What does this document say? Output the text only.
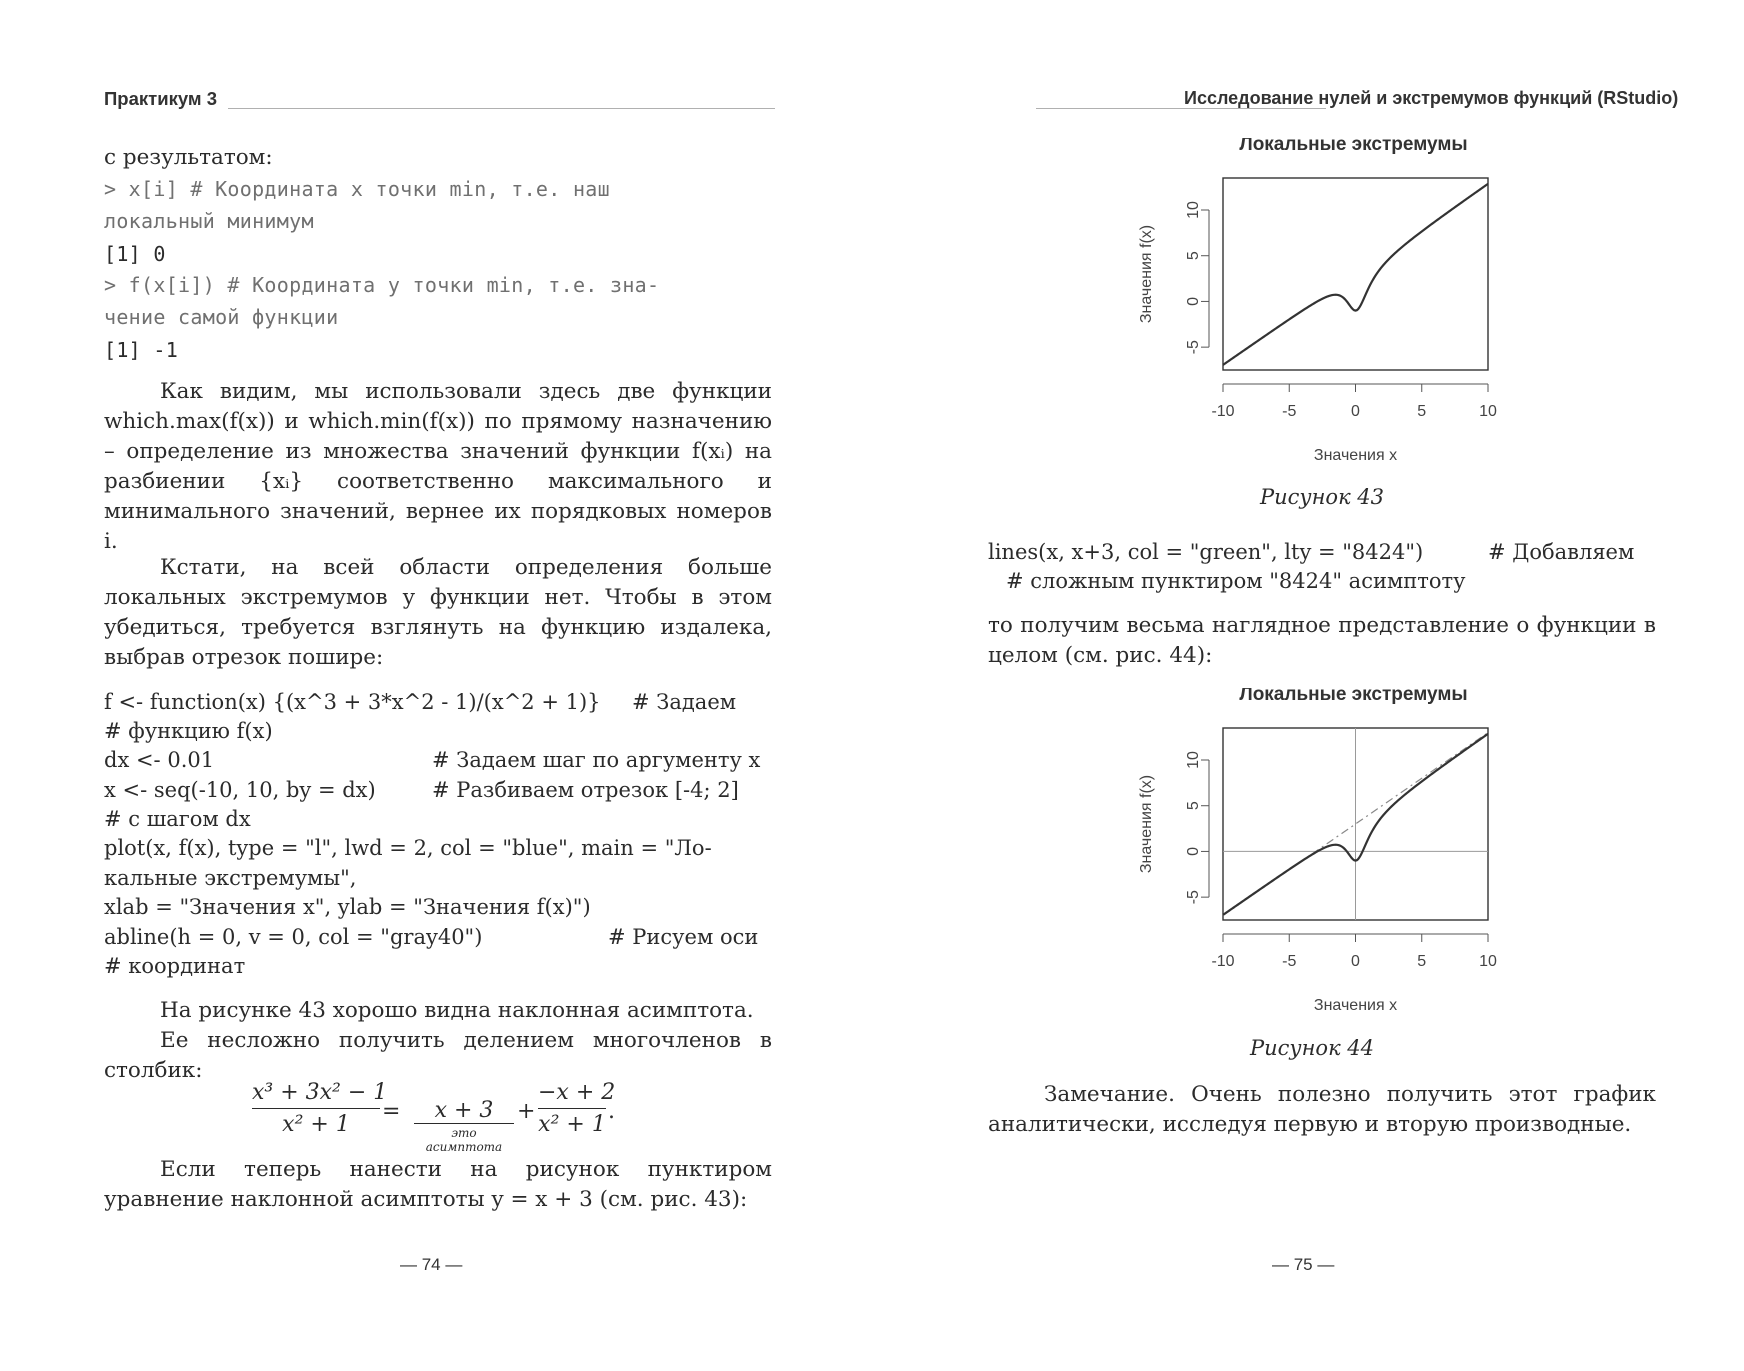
Практикум 3
с результатом:
> x[i] # Координата x точки min, т.е. наш
локальный минимум
[1] 0
> f(x[i]) # Координата y точки min, т.е. зна-
чение самой функции
[1] -1
Как видим, мы использовали здесь две функции which.max(f(x)) и which.min(f(x)) по прямому назначению – определение из множества значений функции f(xᵢ) на разбиении {xᵢ} соответственно максимального и минимального значений, вернее их порядковых номеров i.
Кстати, на всей области определения больше локальных экстремумов у функции нет. Чтобы в этом убедиться, требуется взглянуть на функцию издалека, выбрав отрезок пошире:
f <- function(x) {(x^3 + 3*x^2 - 1)/(x^2 + 1)} # Задаем
# функцию f(x)
dx <- 0.01	# Задаем шаг по аргументу x
x <- seq(-10, 10, by = dx)	# Разбиваем отрезок [-4; 2]
# с шагом dx
plot(x, f(x), type = "l", lwd = 2, col = "blue", main = "Ло-
кальные экстремумы",
xlab = "Значения x", ylab = "Значения f(x)")
abline(h = 0, v = 0, col = "gray40")	# Рисуем оси
# координат
На рисунке 43 хорошо видна наклонная асимптота.
Ее несложно получить делением многочленов в столбик:
x³ + 3x² − 1
x² + 1
=	x + 3
это асимптота
+
−x + 2
x² + 1
.
Если теперь нанести на рисунок пунктиром уравнение наклонной асимптоты y = x + 3 (см. рис. 43):
— 74 —
Исследование нулей и экстремумов функций (RStudio)
Локальные экстремумы
-10	-5	0	5	10
-5
0
5
10
Значения x
Значения f(x)
Рисунок 43
lines(x, x+3, col = "green", lty = "8424")	# Добавляем
# сложным пунктиром "8424" асимптоту
то получим весьма наглядное представление о функции в целом (см. рис. 44):
Локальные экстремумы
-10	-5	0	5	10
-5
0
5
10
Значения x
Значения f(x)
Рисунок 44
Замечание. Очень полезно получить этот график аналитически, исследуя первую и вторую производные.
— 75 —
